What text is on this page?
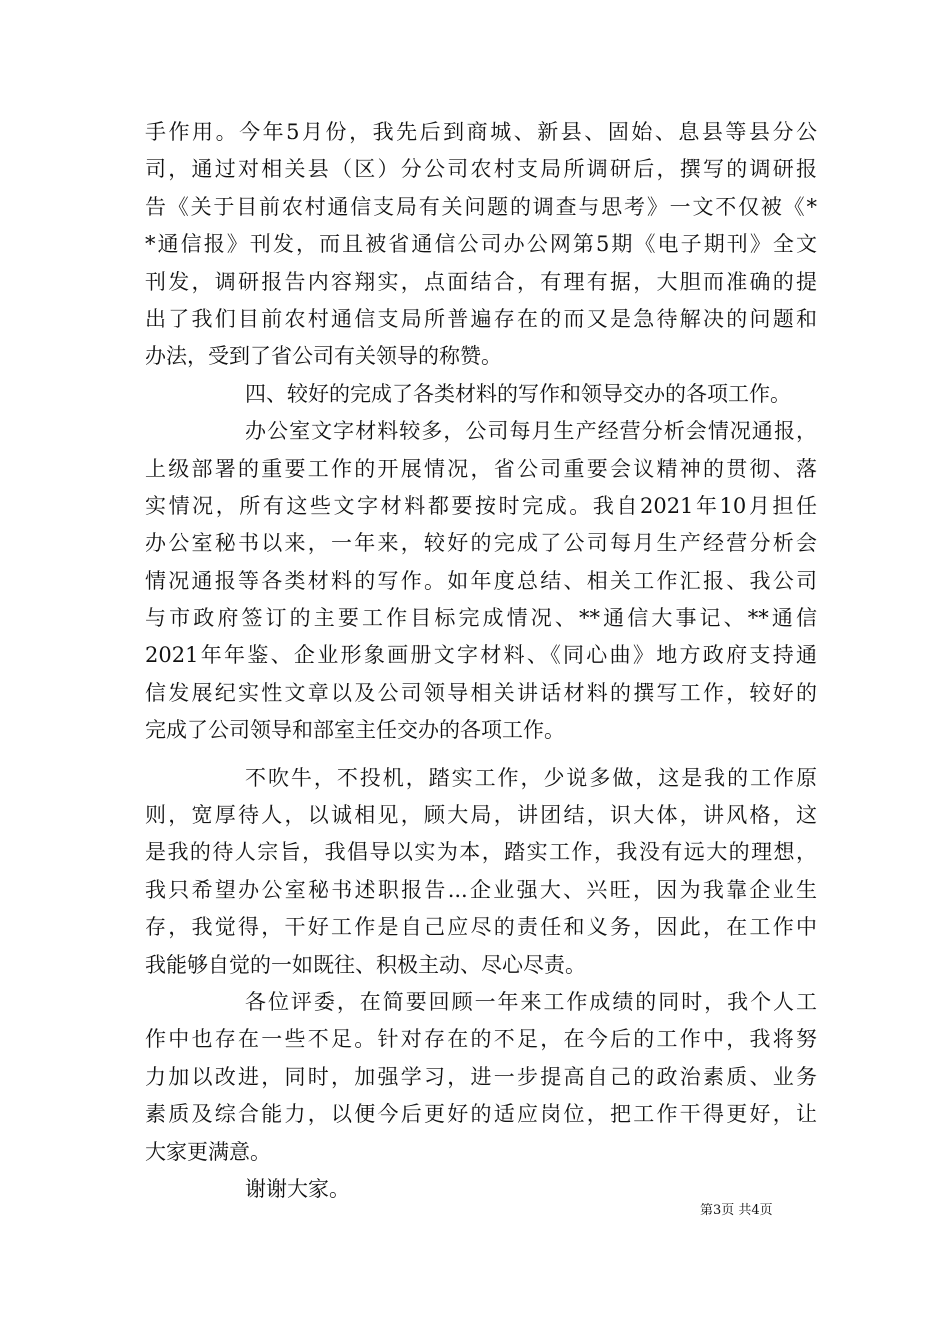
手作用。今年5月份，我先后到商城、新县、固始、息县等县分公
司，通过对相关县（区）分公司农村支局所调研后，撰写的调研报
告《关于目前农村通信支局有关问题的调查与思考》一文不仅被《*
*通信报》刊发，而且被省通信公司办公网第5期《电子期刊》全文
刊发，调研报告内容翔实，点面结合，有理有据，大胆而准确的提
出了我们目前农村通信支局所普遍存在的而又是急待解决的问题和
办法，受到了省公司有关领导的称赞。
四、较好的完成了各类材料的写作和领导交办的各项工作。
办公室文字材料较多，公司每月生产经营分析会情况通报，
上级部署的重要工作的开展情况，省公司重要会议精神的贯彻、落
实情况，所有这些文字材料都要按时完成。我自2021年10月担任
办公室秘书以来，一年来，较好的完成了公司每月生产经营分析会
情况通报等各类材料的写作。如年度总结、相关工作汇报、我公司
与市政府签订的主要工作目标完成情况、**通信大事记、**通信
2021年年鉴、企业形象画册文字材料、《同心曲》地方政府支持通
信发展纪实性文章以及公司领导相关讲话材料的撰写工作，较好的
完成了公司领导和部室主任交办的各项工作。
不吹牛，不投机，踏实工作，少说多做，这是我的工作原
则，宽厚待人，以诚相见，顾大局，讲团结，识大体，讲风格，这
是我的待人宗旨，我倡导以实为本，踏实工作，我没有远大的理想，
我只希望办公室秘书述职报告...企业强大、兴旺，因为我靠企业生
存，我觉得，干好工作是自己应尽的责任和义务，因此，在工作中
我能够自觉的一如既往、积极主动、尽心尽责。
各位评委，在简要回顾一年来工作成绩的同时，我个人工
作中也存在一些不足。针对存在的不足，在今后的工作中，我将努
力加以改进，同时，加强学习，进一步提高自己的政治素质、业务
素质及综合能力，以便今后更好的适应岗位，把工作干得更好，让
大家更满意。
谢谢大家。
第3页 共4页
